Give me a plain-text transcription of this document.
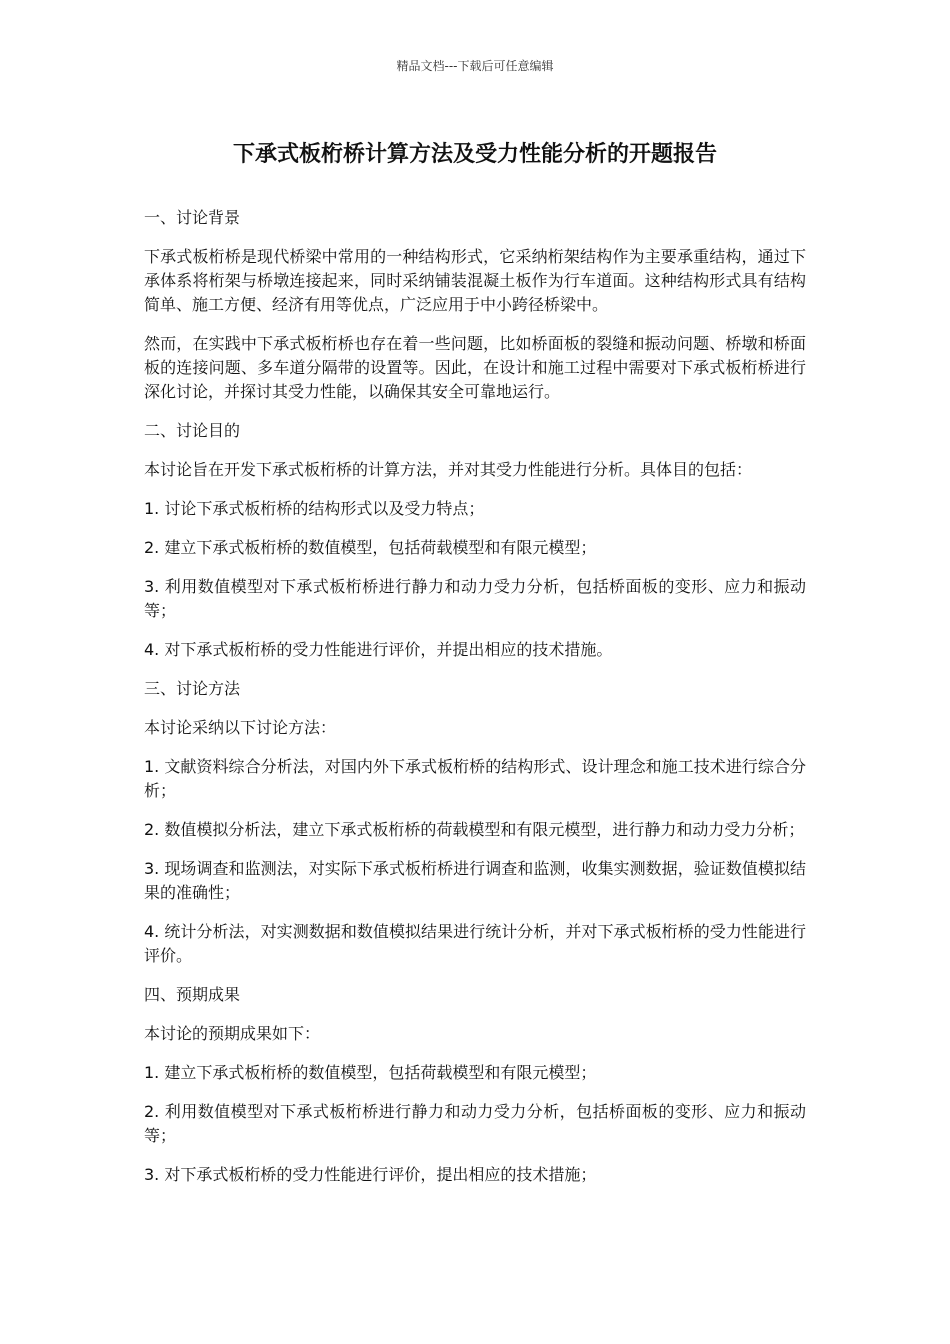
精品文档---下载后可任意编辑
下承式板桁桥计算方法及受力性能分析的开题报告

一、讨论背景

下承式板桁桥是现代桥梁中常用的一种结构形式，它采纳桁架结构作为主要承重结构，通过下承体系将桁架与桥墩连接起来，同时采纳铺装混凝土板作为行车道面。这种结构形式具有结构简单、施工方便、经济有用等优点，广泛应用于中小跨径桥梁中。

然而，在实践中下承式板桁桥也存在着一些问题，比如桥面板的裂缝和振动问题、桥墩和桥面板的连接问题、多车道分隔带的设置等。因此，在设计和施工过程中需要对下承式板桁桥进行深化讨论，并探讨其受力性能，以确保其安全可靠地运行。

二、讨论目的

本讨论旨在开发下承式板桁桥的计算方法，并对其受力性能进行分析。具体目的包括：

1. 讨论下承式板桁桥的结构形式以及受力特点；

2. 建立下承式板桁桥的数值模型，包括荷载模型和有限元模型；

3. 利用数值模型对下承式板桁桥进行静力和动力受力分析，包括桥面板的变形、应力和振动等；

4. 对下承式板桁桥的受力性能进行评价，并提出相应的技术措施。

三、讨论方法

本讨论采纳以下讨论方法：

1. 文献资料综合分析法，对国内外下承式板桁桥的结构形式、设计理念和施工技术进行综合分析；

2. 数值模拟分析法，建立下承式板桁桥的荷载模型和有限元模型，进行静力和动力受力分析；

3. 现场调查和监测法，对实际下承式板桁桥进行调查和监测，收集实测数据，验证数值模拟结果的准确性；

4. 统计分析法，对实测数据和数值模拟结果进行统计分析，并对下承式板桁桥的受力性能进行评价。

四、预期成果

本讨论的预期成果如下：

1. 建立下承式板桁桥的数值模型，包括荷载模型和有限元模型；

2. 利用数值模型对下承式板桁桥进行静力和动力受力分析，包括桥面板的变形、应力和振动等；

3. 对下承式板桁桥的受力性能进行评价，提出相应的技术措施；
